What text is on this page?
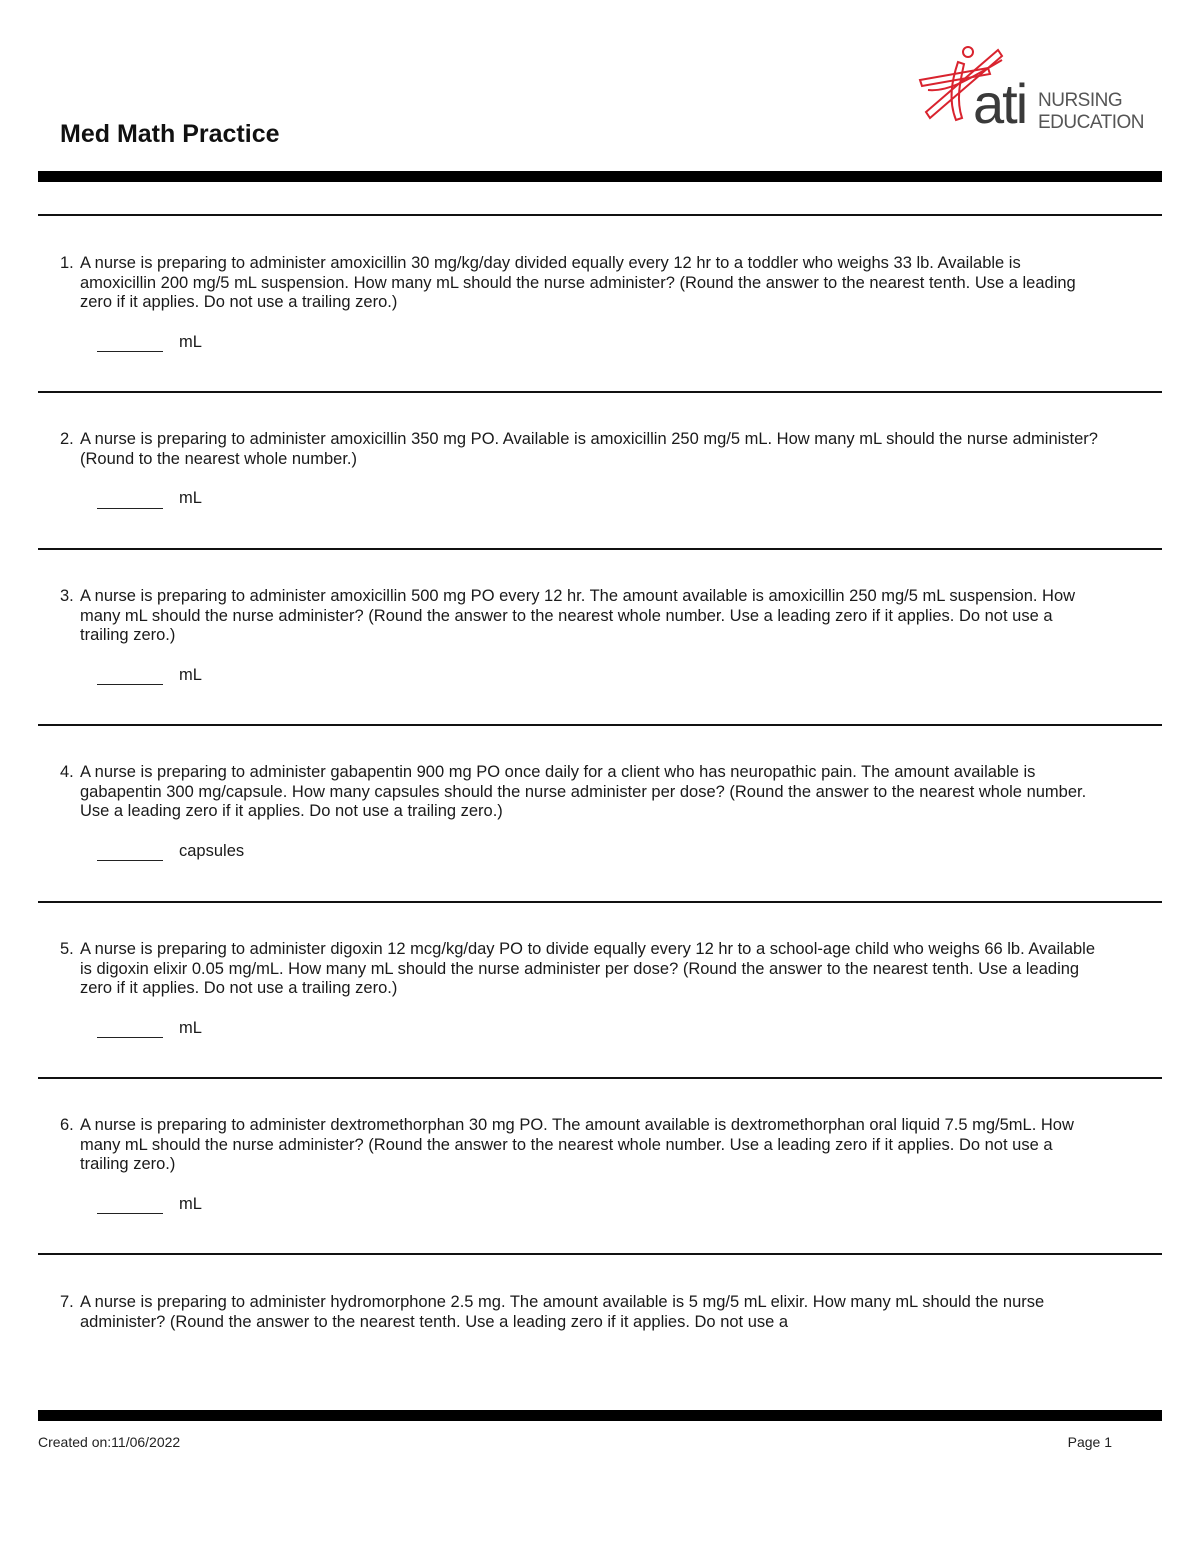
Med Math Practice	ati NURSING
EDUCATION
1. A nurse is preparing to administer amoxicillin 30 mg/kg/day divided equally every 12 hr to a toddler who weighs 33 lb. Available is amoxicillin 200 mg/5 mL suspension. How many mL should the nurse administer? (Round the answer to the nearest tenth. Use a leading zero if it applies. Do not use a trailing zero.)
mL
2. A nurse is preparing to administer amoxicillin 350 mg PO. Available is amoxicillin 250 mg/5 mL. How many mL should the nurse administer? (Round to the nearest whole number.)
mL
3. A nurse is preparing to administer amoxicillin 500 mg PO every 12 hr. The amount available is amoxicillin 250 mg/5 mL suspension. How many mL should the nurse administer? (Round the answer to the nearest whole number. Use a leading zero if it applies. Do not use a trailing zero.)
mL
4. A nurse is preparing to administer gabapentin 900 mg PO once daily for a client who has neuropathic pain. The amount available is gabapentin 300 mg/capsule. How many capsules should the nurse administer per dose? (Round the answer to the nearest whole number. Use a leading zero if it applies. Do not use a trailing zero.)
capsules
5. A nurse is preparing to administer digoxin 12 mcg/kg/day PO to divide equally every 12 hr to a school-age child who weighs 66 lb. Available is digoxin elixir 0.05 mg/mL. How many mL should the nurse administer per dose? (Round the answer to the nearest tenth. Use a leading zero if it applies. Do not use a trailing zero.)
mL
6. A nurse is preparing to administer dextromethorphan 30 mg PO. The amount available is dextromethorphan oral liquid 7.5 mg/5mL. How many mL should the nurse administer? (Round the answer to the nearest whole number. Use a leading zero if it applies. Do not use a trailing zero.)
mL
7. A nurse is preparing to administer hydromorphone 2.5 mg. The amount available is 5 mg/5 mL elixir. How many mL should the nurse administer? (Round the answer to the nearest tenth. Use a leading zero if it applies. Do not use a
Created on:11/06/2022	Page 1
